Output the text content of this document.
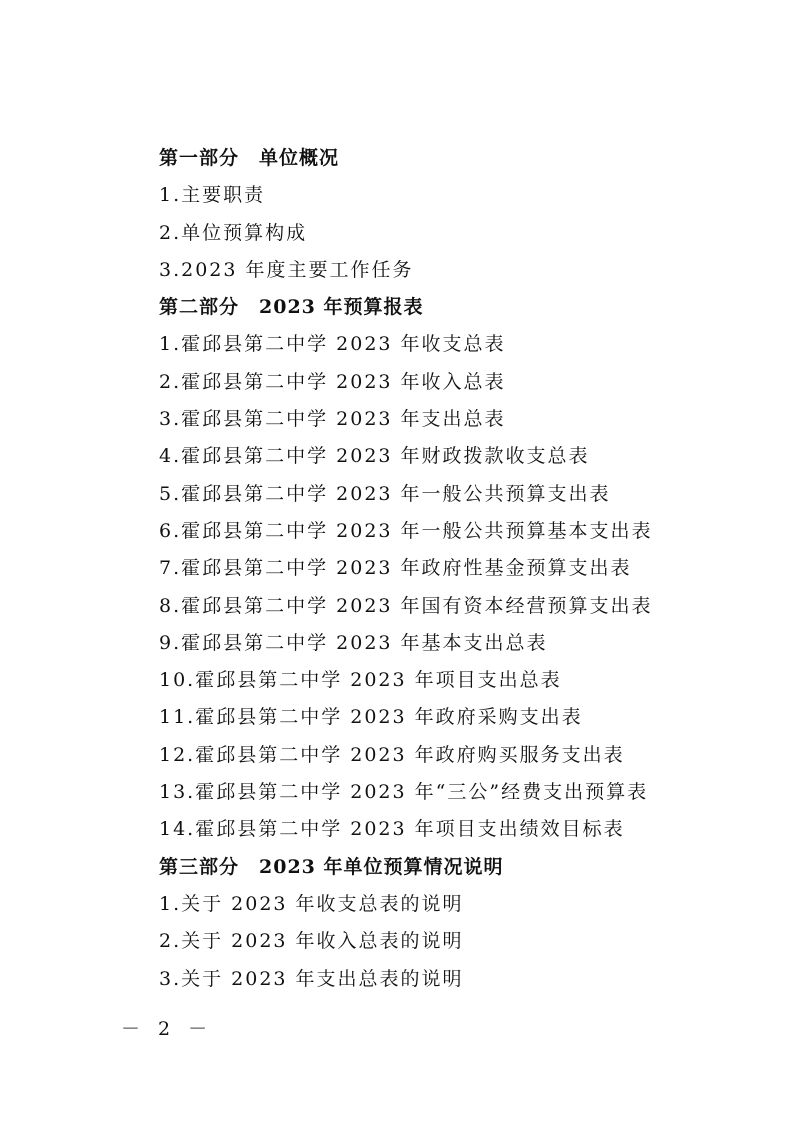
第一部分 单位概况
1.主要职责
2.单位预算构成
3.2023 年度主要工作任务
第二部分 2023 年预算报表
1.霍邱县第二中学 2023 年收支总表
2.霍邱县第二中学 2023 年收入总表
3.霍邱县第二中学 2023 年支出总表
4.霍邱县第二中学 2023 年财政拨款收支总表
5.霍邱县第二中学 2023 年一般公共预算支出表
6.霍邱县第二中学 2023 年一般公共预算基本支出表
7.霍邱县第二中学 2023 年政府性基金预算支出表
8.霍邱县第二中学 2023 年国有资本经营预算支出表
9.霍邱县第二中学 2023 年基本支出总表
10.霍邱县第二中学 2023 年项目支出总表
11.霍邱县第二中学 2023 年政府采购支出表
12.霍邱县第二中学 2023 年政府购买服务支出表
13.霍邱县第二中学 2023 年“三公”经费支出预算表
14.霍邱县第二中学 2023 年项目支出绩效目标表
第三部分 2023 年单位预算情况说明
1.关于 2023 年收支总表的说明
2.关于 2023 年收入总表的说明
3.关于 2023 年支出总表的说明
－ 2 －
